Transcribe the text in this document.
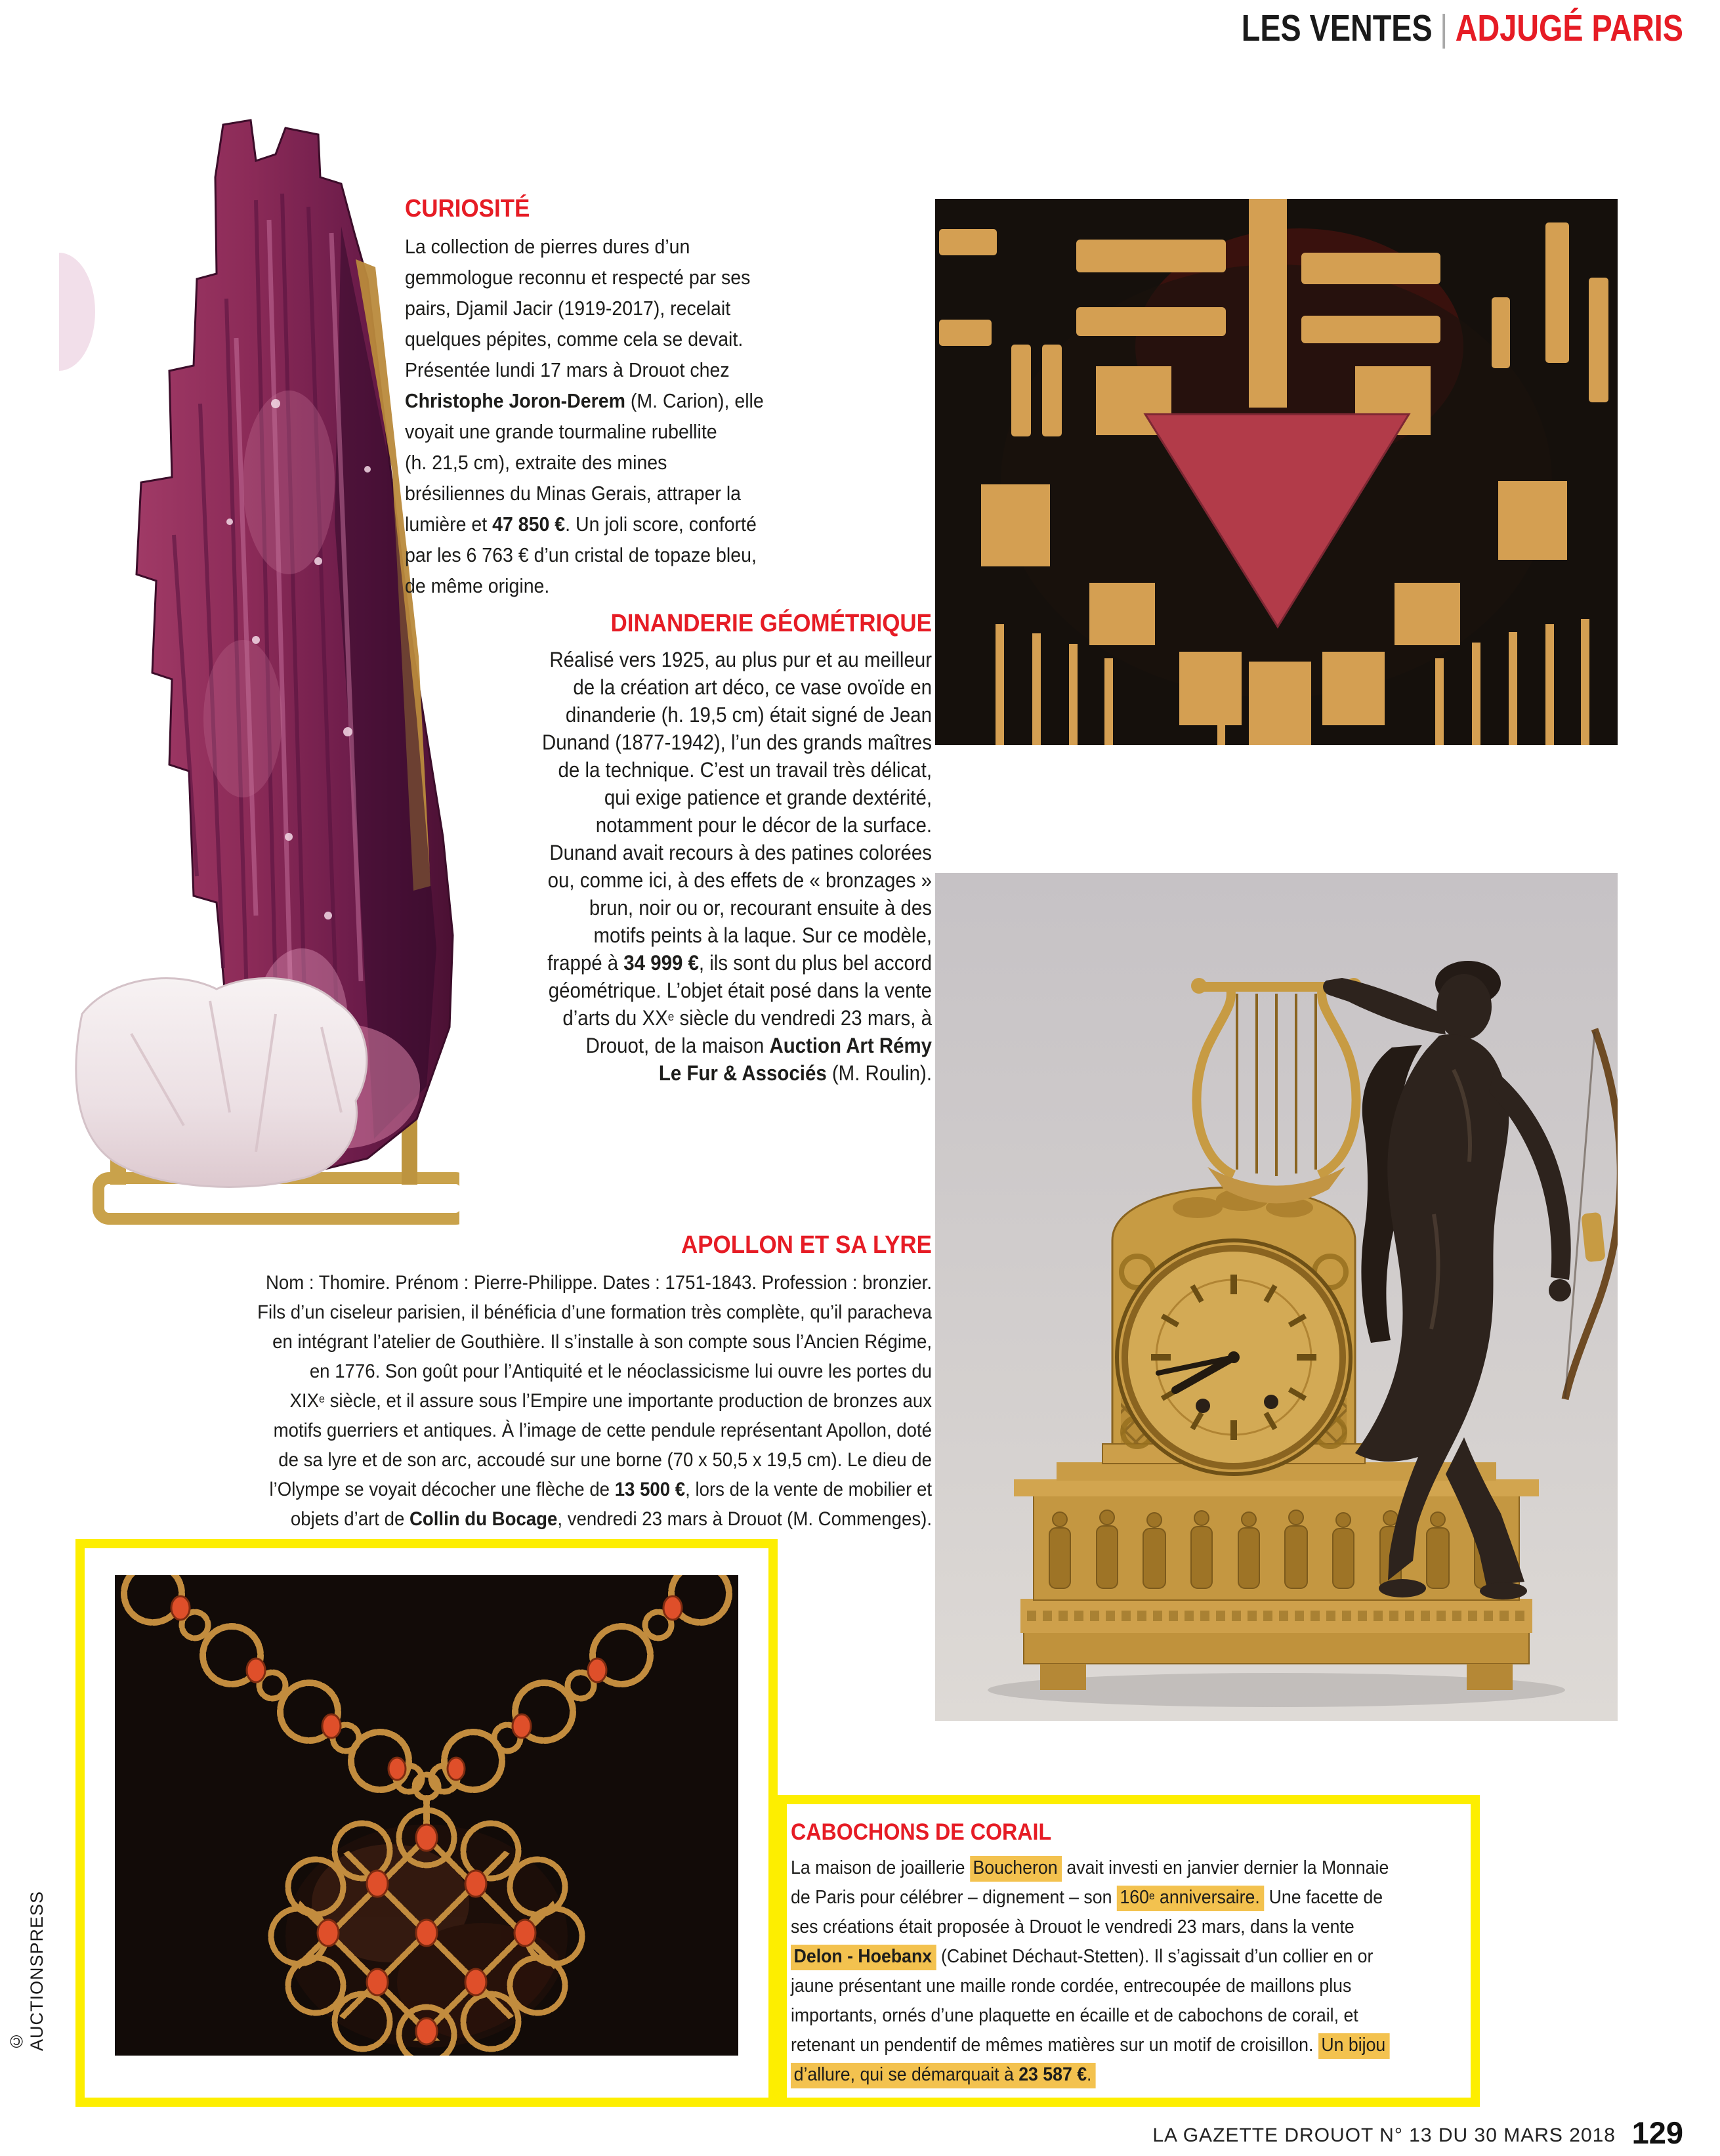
LES VENTES | ADJUGÉ PARIS
CURIOSITÉ
La collection de pierres dures d’un
gemmologue reconnu et respecté par ses
pairs, Djamil Jacir (1919-2017), recelait
quelques pépites, comme cela se devait.
Présentée lundi 17 mars à Drouot chez
Christophe Joron-Derem (M. Carion), elle
voyait une grande tourmaline rubellite
(h. 21,5 cm), extraite des mines
brésiliennes du Minas Gerais, attraper la
lumière et 47 850 €. Un joli score, conforté
par les 6 763 € d’un cristal de topaze bleu,
de même origine.
DINANDERIE GÉOMÉTRIQUE
Réalisé vers 1925, au plus pur et au meilleur
de la création art déco, ce vase ovoïde en
dinanderie (h. 19,5 cm) était signé de Jean
Dunand (1877-1942), l’un des grands maîtres
de la technique. C’est un travail très délicat,
qui exige patience et grande dextérité,
notamment pour le décor de la surface.
Dunand avait recours à des patines colorées
ou, comme ici, à des effets de « bronzages »
brun, noir ou or, recourant ensuite à des
motifs peints à la laque. Sur ce modèle,
frappé à 34 999 €, ils sont du plus bel accord
géométrique. L’objet était posé dans la vente
d’arts du XXe siècle du vendredi 23 mars, à
Drouot, de la maison Auction Art Rémy
Le Fur & Associés (M. Roulin).
APOLLON ET SA LYRE
Nom : Thomire. Prénom : Pierre-Philippe. Dates : 1751-1843. Profession : bronzier.
Fils d’un ciseleur parisien, il bénéficia d’une formation très complète, qu’il paracheva
en intégrant l’atelier de Gouthière. Il s’installe à son compte sous l’Ancien Régime,
en 1776. Son goût pour l’Antiquité et le néoclassicisme lui ouvre les portes du
XIXe siècle, et il assure sous l’Empire une importante production de bronzes aux
motifs guerriers et antiques. À l’image de cette pendule représentant Apollon, doté
de sa lyre et de son arc, accoudé sur une borne (70 x 50,5 x 19,5 cm). Le dieu de
l’Olympe se voyait décocher une flèche de 13 500 €, lors de la vente de mobilier et
objets d’art de Collin du Bocage, vendredi 23 mars à Drouot (M. Commenges).
CABOCHONS DE CORAIL
La maison de joaillerie Boucheron avait investi en janvier dernier la Monnaie
de Paris pour célébrer – dignement – son 160e anniversaire. Une facette de
ses créations était proposée à Drouot le vendredi 23 mars, dans la vente
Delon - Hoebanx (Cabinet Déchaut-Stetten). Il s’agissait d’un collier en or
jaune présentant une maille ronde cordée, entrecoupée de maillons plus
importants, ornés d’une plaquette en écaille et de cabochons de corail, et
retenant un pendentif de mêmes matières sur un motif de croisillon. Un bijou
d’allure, qui se démarquait à 23 587 €.
LA GAZETTE DROUOT N° 13 DU 30 MARS 2018 129
© AUCTIONSPRESS
